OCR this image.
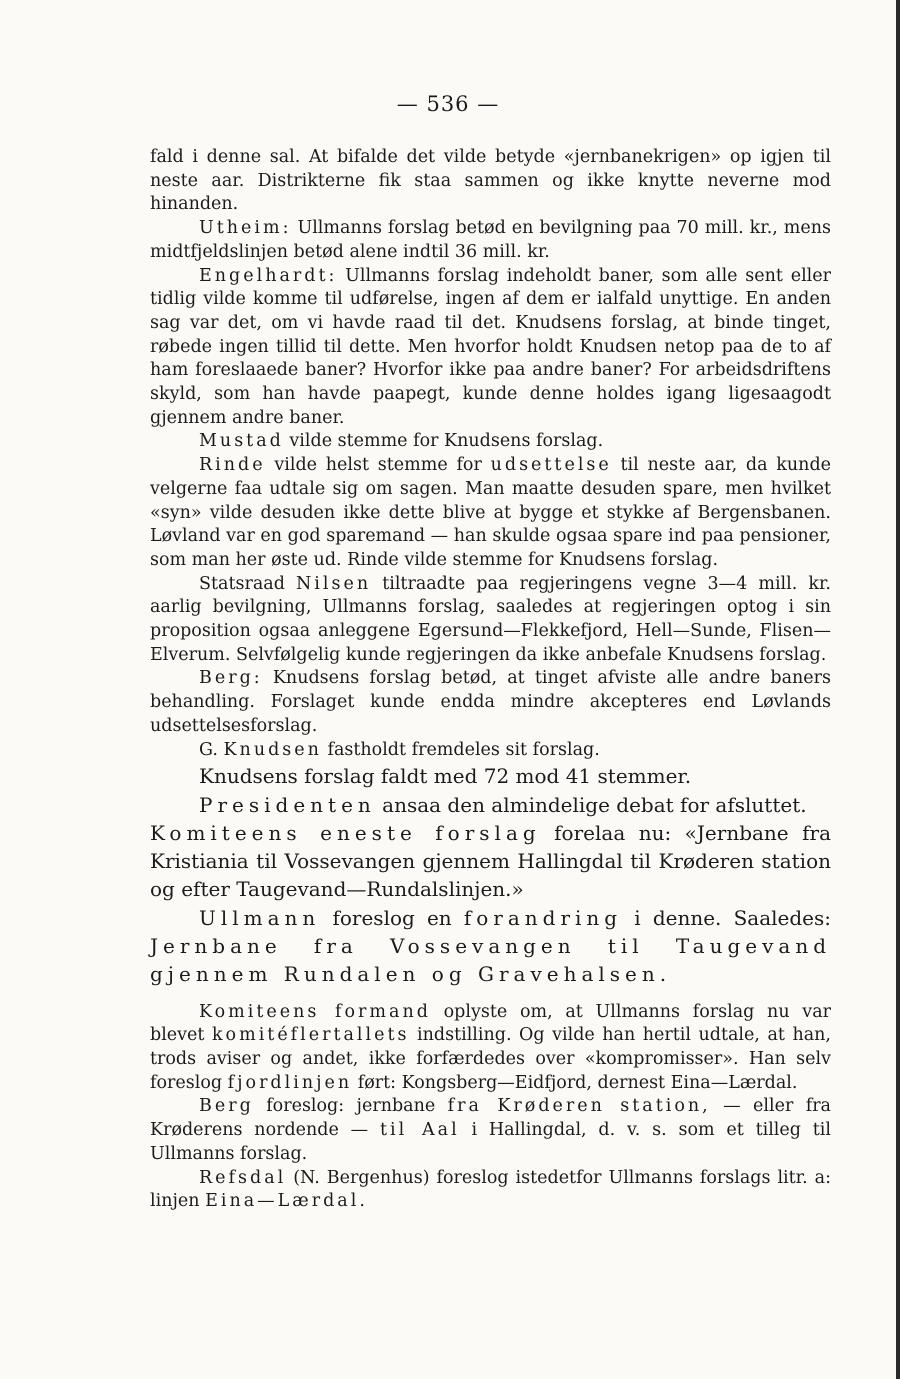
— 536 —

fald i denne sal. At bifalde det vilde betyde «jernbanekrigen» op igjen til neste aar. Distrikterne fik staa sammen og ikke knytte neverne mod hinanden.

Utheim: Ullmanns forslag betød en bevilgning paa 70 mill. kr., mens midtfjeldslinjen betød alene indtil 36 mill. kr.

Engelhardt: Ullmanns forslag indeholdt baner, som alle sent eller tidlig vilde komme til udførelse, ingen af dem er ialfald unyttige. En anden sag var det, om vi havde raad til det. Knudsens forslag, at binde tinget, røbede ingen tillid til dette. Men hvorfor holdt Knudsen netop paa de to af ham foreslaaede baner? Hvorfor ikke paa andre baner? For arbeidsdriftens skyld, som han havde paapegt, kunde denne holdes igang ligesaagodt gjennem andre baner.

Mustad vilde stemme for Knudsens forslag.

Rinde vilde helst stemme for udsettelse til neste aar, da kunde velgerne faa udtale sig om sagen. Man maatte desuden spare, men hvilket «syn» vilde desuden ikke dette blive at bygge et stykke af Bergensbanen. Løvland var en god sparemand — han skulde ogsaa spare ind paa pensioner, som man her øste ud. Rinde vilde stemme for Knudsens forslag.

Statsraad Nilsen tiltraadte paa regjeringens vegne 3—4 mill. kr. aarlig bevilgning, Ullmanns forslag, saaledes at regjeringen optog i sin proposition ogsaa anleggene Egersund—Flekkefjord, Hell—Sunde, Flisen—Elverum. Selvfølgelig kunde regjeringen da ikke anbefale Knudsens forslag.

Berg: Knudsens forslag betød, at tinget afviste alle andre baners behandling. Forslaget kunde endda mindre akcepteres end Løvlands udsettelsesforslag.

G. Knudsen fastholdt fremdeles sit forslag.

Knudsens forslag faldt med 72 mod 41 stemmer.

Presidenten ansaa den almindelige debat for afsluttet.

Komiteens eneste forslag forelaa nu: «Jernbane fra Kristiania til Vossevangen gjennem Hallingdal til Krøderen station og efter Taugevand—Rundalslinjen.»

Ullmann foreslog en forandring i denne. Saaledes: Jernbane fra Vossevangen til Taugevand gjennem Rundalen og Gravehalsen.

Komiteens formand oplyste om, at Ullmanns forslag nu var blevet komitéflertallets indstilling. Og vilde han hertil udtale, at han, trods aviser og andet, ikke forfærdedes over «kompromisser». Han selv foreslog fjordlinjen ført: Kongsberg—Eidfjord, dernest Eina—Lærdal.

Berg foreslog: jernbane fra Krøderen station, — eller fra Krøderens nordende — til Aal i Hallingdal, d. v. s. som et tilleg til Ullmanns forslag.

Refsdal (N. Bergenhus) foreslog istedetfor Ullmanns forslags litr. a: linjen Eina—Lærdal.
